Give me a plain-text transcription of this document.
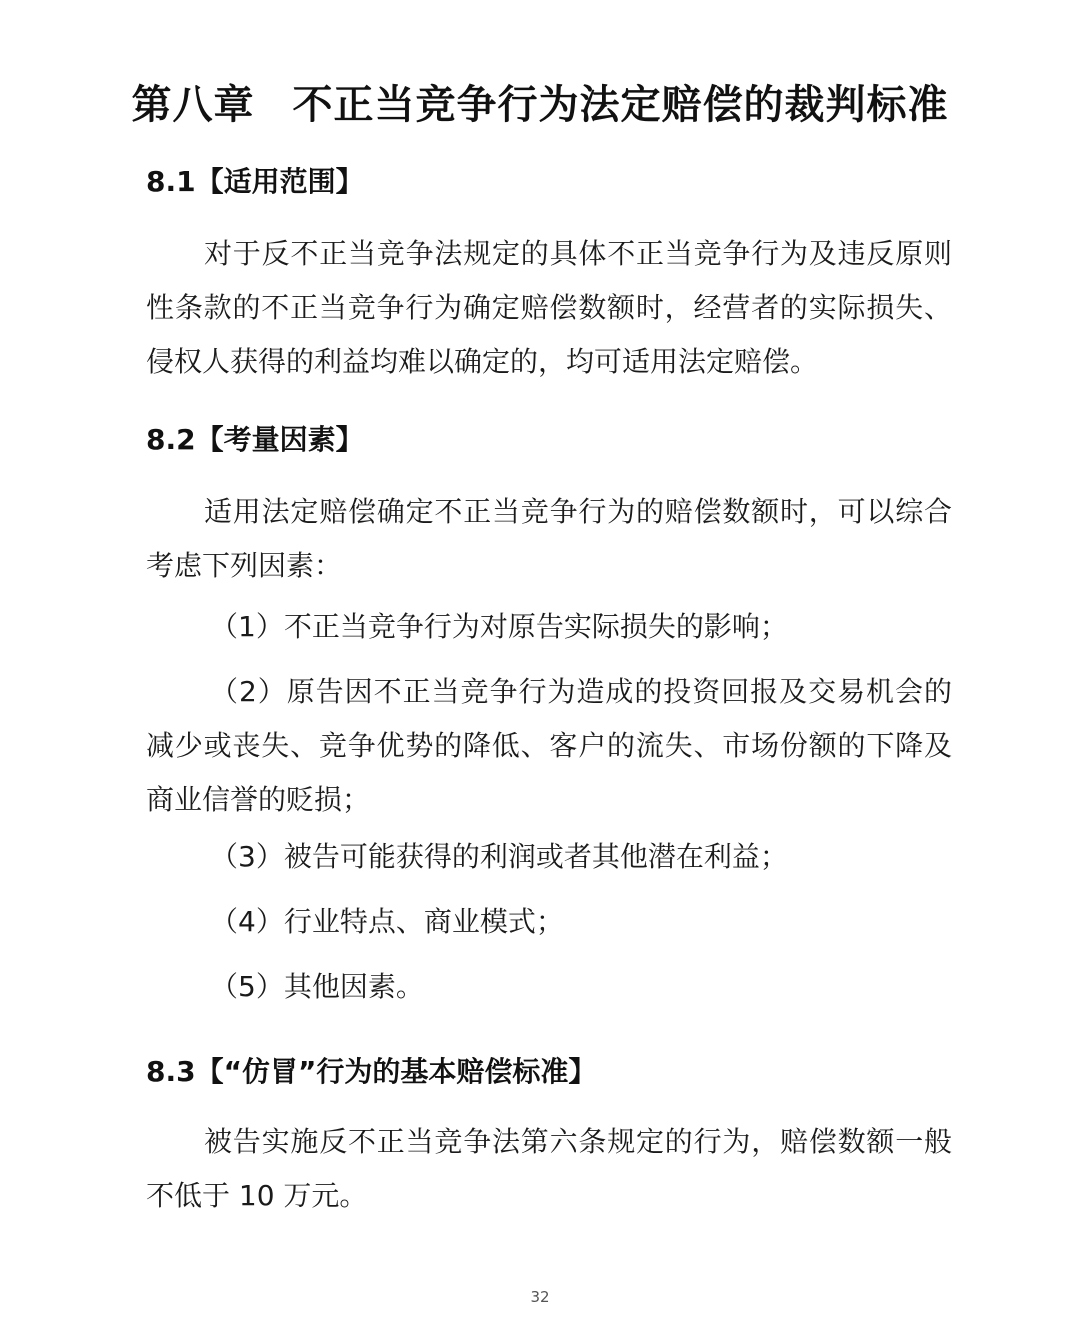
第八章 不正当竞争行为法定赔偿的裁判标准
8.1【适用范围】

对于反不正当竞争法规定的具体不正当竞争行为及违反原则性条款的不正当竞争行为确定赔偿数额时，经营者的实际损失、侵权人获得的利益均难以确定的，均可适用法定赔偿。

8.2【考量因素】

适用法定赔偿确定不正当竞争行为的赔偿数额时，可以综合考虑下列因素：

（1）不正当竞争行为对原告实际损失的影响；

（2）原告因不正当竞争行为造成的投资回报及交易机会的减少或丧失、竞争优势的降低、客户的流失、市场份额的下降及商业信誉的贬损；

（3）被告可能获得的利润或者其他潜在利益；

（4）行业特点、商业模式；

（5）其他因素。

8.3【“仿冒”行为的基本赔偿标准】

被告实施反不正当竞争法第六条规定的行为，赔偿数额一般不低于 10 万元。

32
